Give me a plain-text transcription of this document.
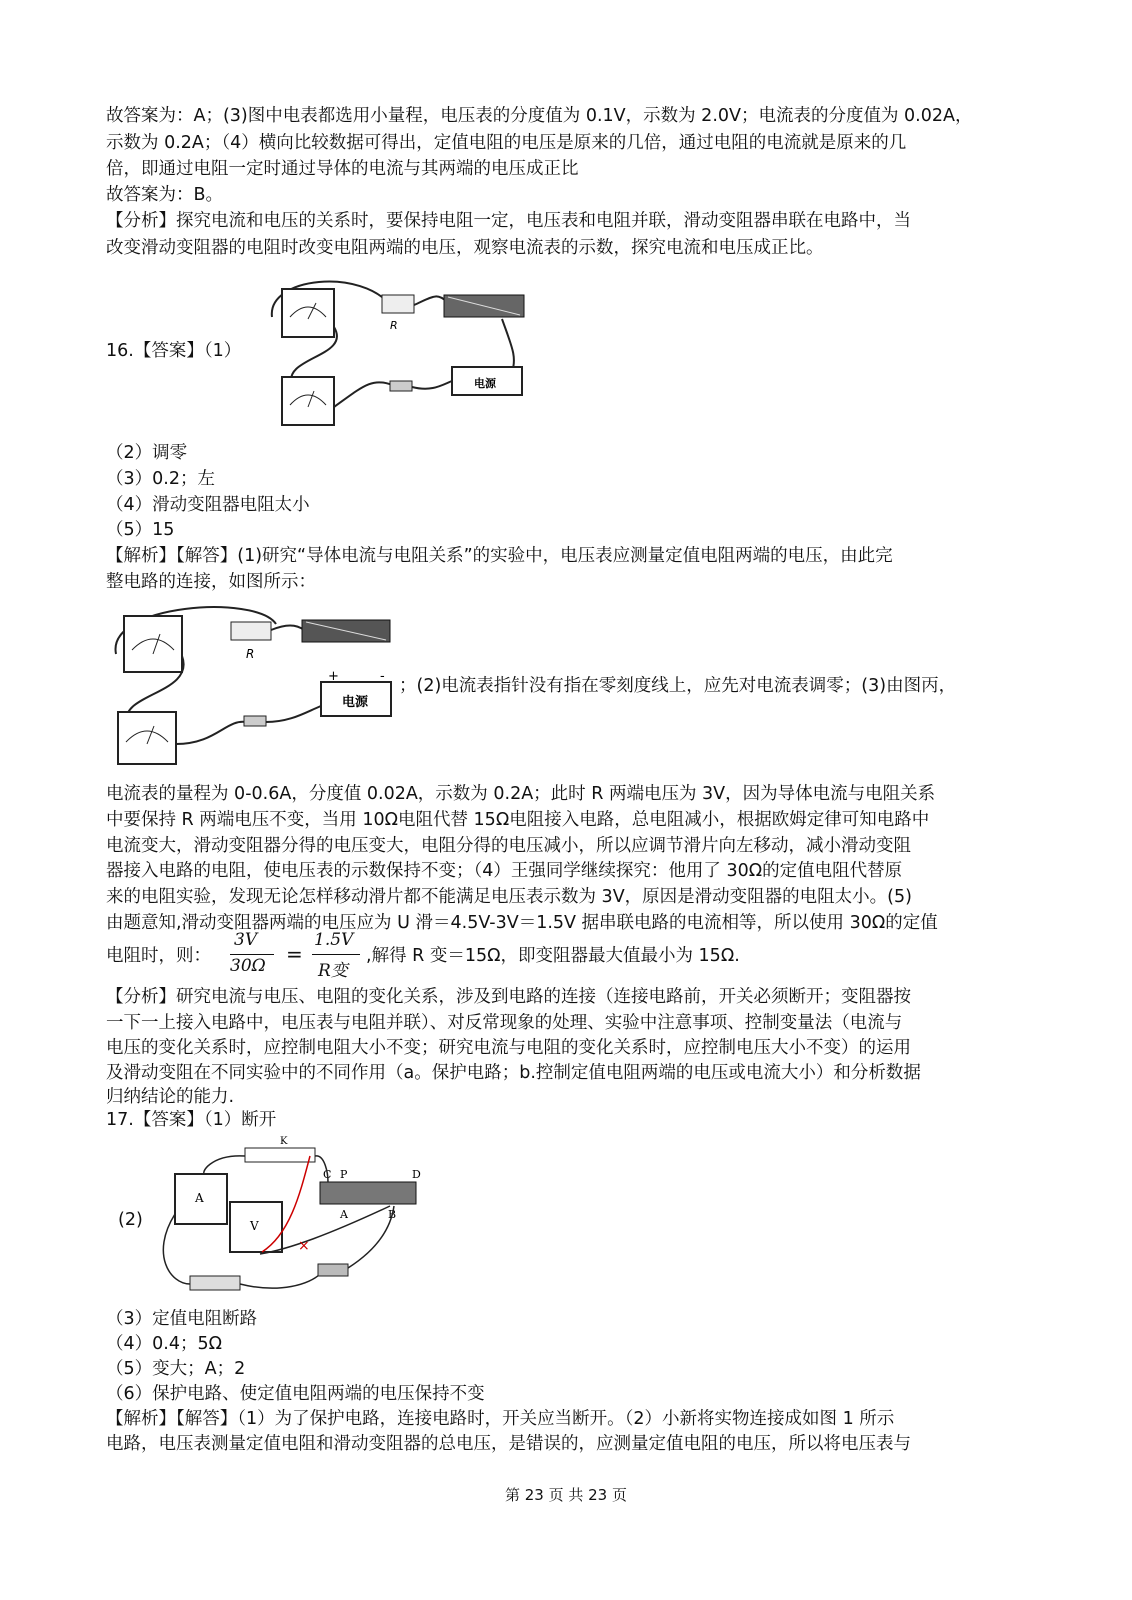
故答案为：A；(3)图中电表都选用小量程，电压表的分度值为 0.1V，示数为 2.0V；电流表的分度值为 0.02A，
示数为 0.2A；（4）横向比较数据可得出，定值电阻的电压是原来的几倍，通过电阻的电流就是原来的几
倍，即通过电阻一定时通过导体的电流与其两端的电压成正比
故答案为：B。
【分析】探究电流和电压的关系时，要保持电阻一定，电压表和电阻并联，滑动变阻器串联在电路中，当
改变滑动变阻器的电阻时改变电阻两端的电压，观察电流表的示数，探究电流和电压成正比。
16.【答案】（1）
R
电源
（2）调零
（3）0.2；左
（4）滑动变阻器电阻太小
（5）15
【解析】【解答】(1)研究“导体电流与电阻关系”的实验中，电压表应测量定值电阻两端的电压，由此完
整电路的连接，如图所示：
R
+	-
电源
；(2)电流表指针没有指在零刻度线上，应先对电流表调零；(3)由图丙，
电流表的量程为 0-0.6A，分度值 0.02A，示数为 0.2A；此时 R 两端电压为 3V，因为导体电流与电阻关系
中要保持 R 两端电压不变，当用 10Ω电阻代替 15Ω电阻接入电路，总电阻减小，根据欧姆定律可知电路中
电流变大，滑动变阻器分得的电压变大，电阻分得的电压减小，所以应调节滑片向左移动，减小滑动变阻
器接入电路的电阻，使电压表的示数保持不变；（4）王强同学继续探究：他用了 30Ω的定值电阻代替原
来的电阻实验，发现无论怎样移动滑片都不能满足电压表示数为 3V，原因是滑动变阻器的电阻太小。(5)
由题意知,滑动变阻器两端的电压应为 U 滑＝4.5V-3V＝1.5V 据串联电路的电流相等，所以使用 30Ω的定值
电阻时，则：
3V
30Ω =
1.5V
R变
,解得 R 变＝15Ω，即变阻器最大值最小为 15Ω.
【分析】研究电流与电压、电阻的变化关系，涉及到电路的连接（连接电路前，开关必须断开；变阻器按
一下一上接入电路中，电压表与电阻并联）、对反常现象的处理、实验中注意事项、控制变量法（电流与
电压的变化关系时，应控制电阻大小不变；研究电流与电阻的变化关系时，应控制电压大小不变）的运用
及滑动变阻在不同实验中的不同作用（a。保护电路；b.控制定值电阻两端的电压或电流大小）和分析数据
归纳结论的能力.
17.【答案】（1）断开
(2)
K
A
V
C P	D
A	B
×
（3）定值电阻断路
（4）0.4；5Ω
（5）变大；A；2
（6）保护电路、使定值电阻两端的电压保持不变
【解析】【解答】（1）为了保护电路，连接电路时，开关应当断开。（2）小新将实物连接成如图 1 所示
电路，电压表测量定值电阻和滑动变阻器的总电压，是错误的，应测量定值电阻的电压，所以将电压表与
第 23 页 共 23 页
